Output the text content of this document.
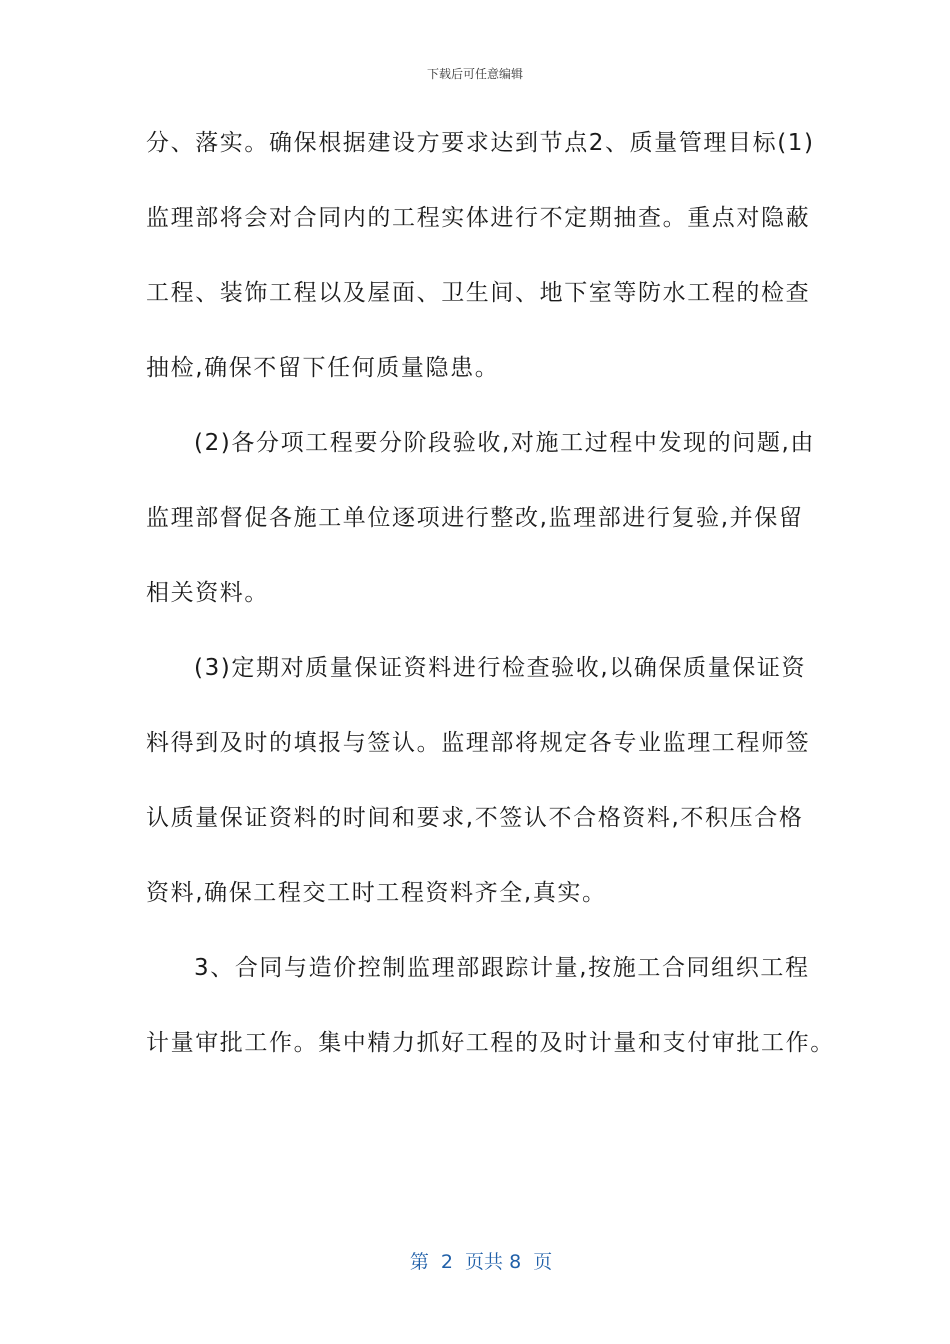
下载后可任意编辑
分、落实。确保根据建设方要求达到节点2、质量管理目标(1)
监理部将会对合同内的工程实体进行不定期抽查。重点对隐蔽
工程、装饰工程以及屋面、卫生间、地下室等防水工程的检查
抽检,确保不留下任何质量隐患。
(2)各分项工程要分阶段验收,对施工过程中发现的问题,由
监理部督促各施工单位逐项进行整改,监理部进行复验,并保留
相关资料。
(3)定期对质量保证资料进行检查验收,以确保质量保证资
料得到及时的填报与签认。监理部将规定各专业监理工程师签
认质量保证资料的时间和要求,不签认不合格资料,不积压合格
资料,确保工程交工时工程资料齐全,真实。
3、合同与造价控制监理部跟踪计量,按施工合同组织工程
计量审批工作。集中精力抓好工程的及时计量和支付审批工作。

第  2  页共 8  页
